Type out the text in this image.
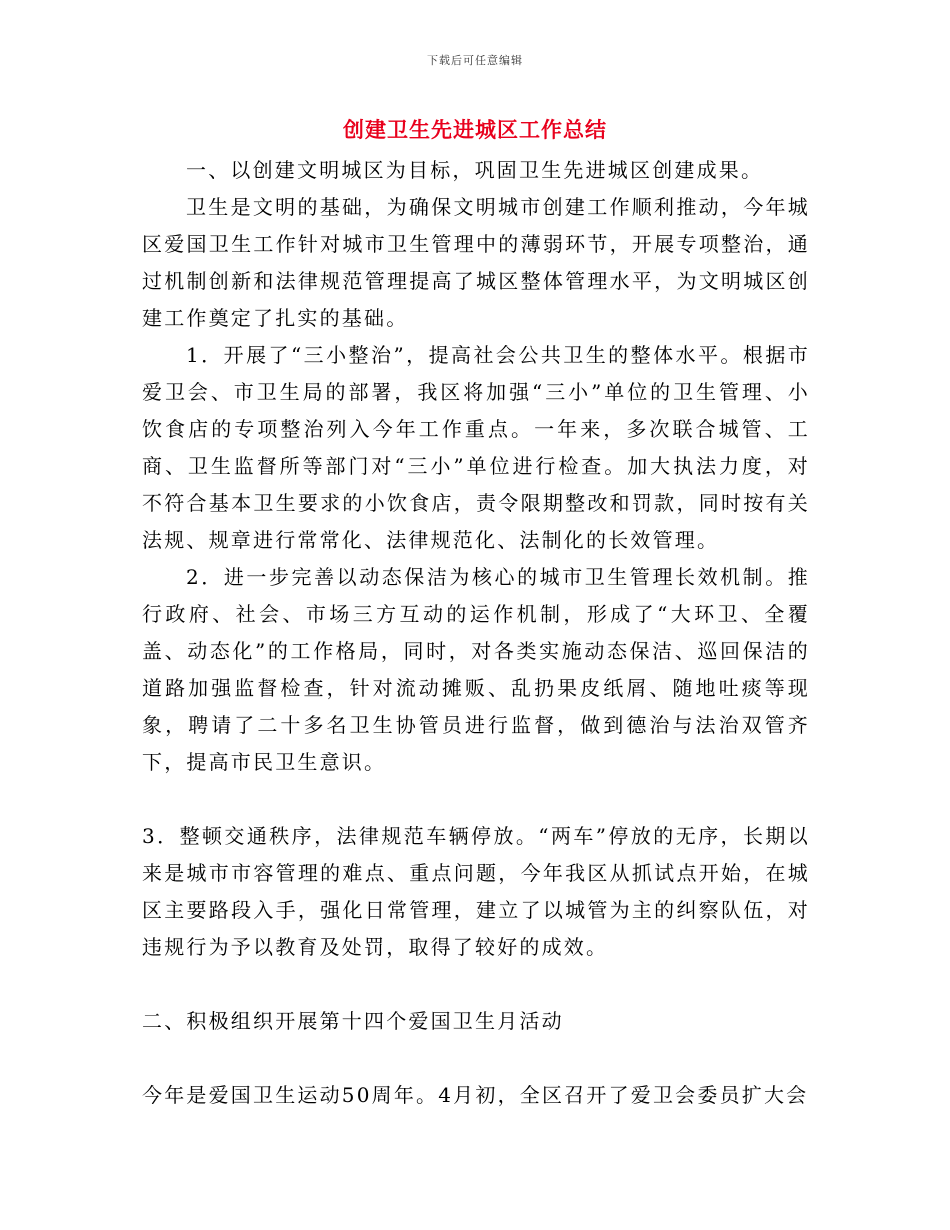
下载后可任意编辑
创建卫生先进城区工作总结

一、以创建文明城区为目标，巩固卫生先进城区创建成果。

卫生是文明的基础，为确保文明城市创建工作顺利推动，今年城区爱国卫生工作针对城市卫生管理中的薄弱环节，开展专项整治，通过机制创新和法律规范管理提高了城区整体管理水平，为文明城区创建工作奠定了扎实的基础。

1．开展了“三小整治”，提高社会公共卫生的整体水平。根据市爱卫会、市卫生局的部署，我区将加强“三小”单位的卫生管理、小饮食店的专项整治列入今年工作重点。一年来，多次联合城管、工商、卫生监督所等部门对“三小”单位进行检查。加大执法力度，对不符合基本卫生要求的小饮食店，责令限期整改和罚款，同时按有关法规、规章进行常常化、法律规范化、法制化的长效管理。

2．进一步完善以动态保洁为核心的城市卫生管理长效机制。推行政府、社会、市场三方互动的运作机制，形成了“大环卫、全覆盖、动态化”的工作格局，同时，对各类实施动态保洁、巡回保洁的道路加强监督检查，针对流动摊贩、乱扔果皮纸屑、随地吐痰等现象，聘请了二十多名卫生协管员进行监督，做到德治与法治双管齐下，提高市民卫生意识。

3．整顿交通秩序，法律规范车辆停放。“两车”停放的无序，长期以来是城市市容管理的难点、重点问题，今年我区从抓试点开始，在城区主要路段入手，强化日常管理，建立了以城管为主的纠察队伍，对违规行为予以教育及处罚，取得了较好的成效。

二、积极组织开展第十四个爱国卫生月活动

今年是爱国卫生运动50周年。4月初，全区召开了爱卫会委员扩大会
